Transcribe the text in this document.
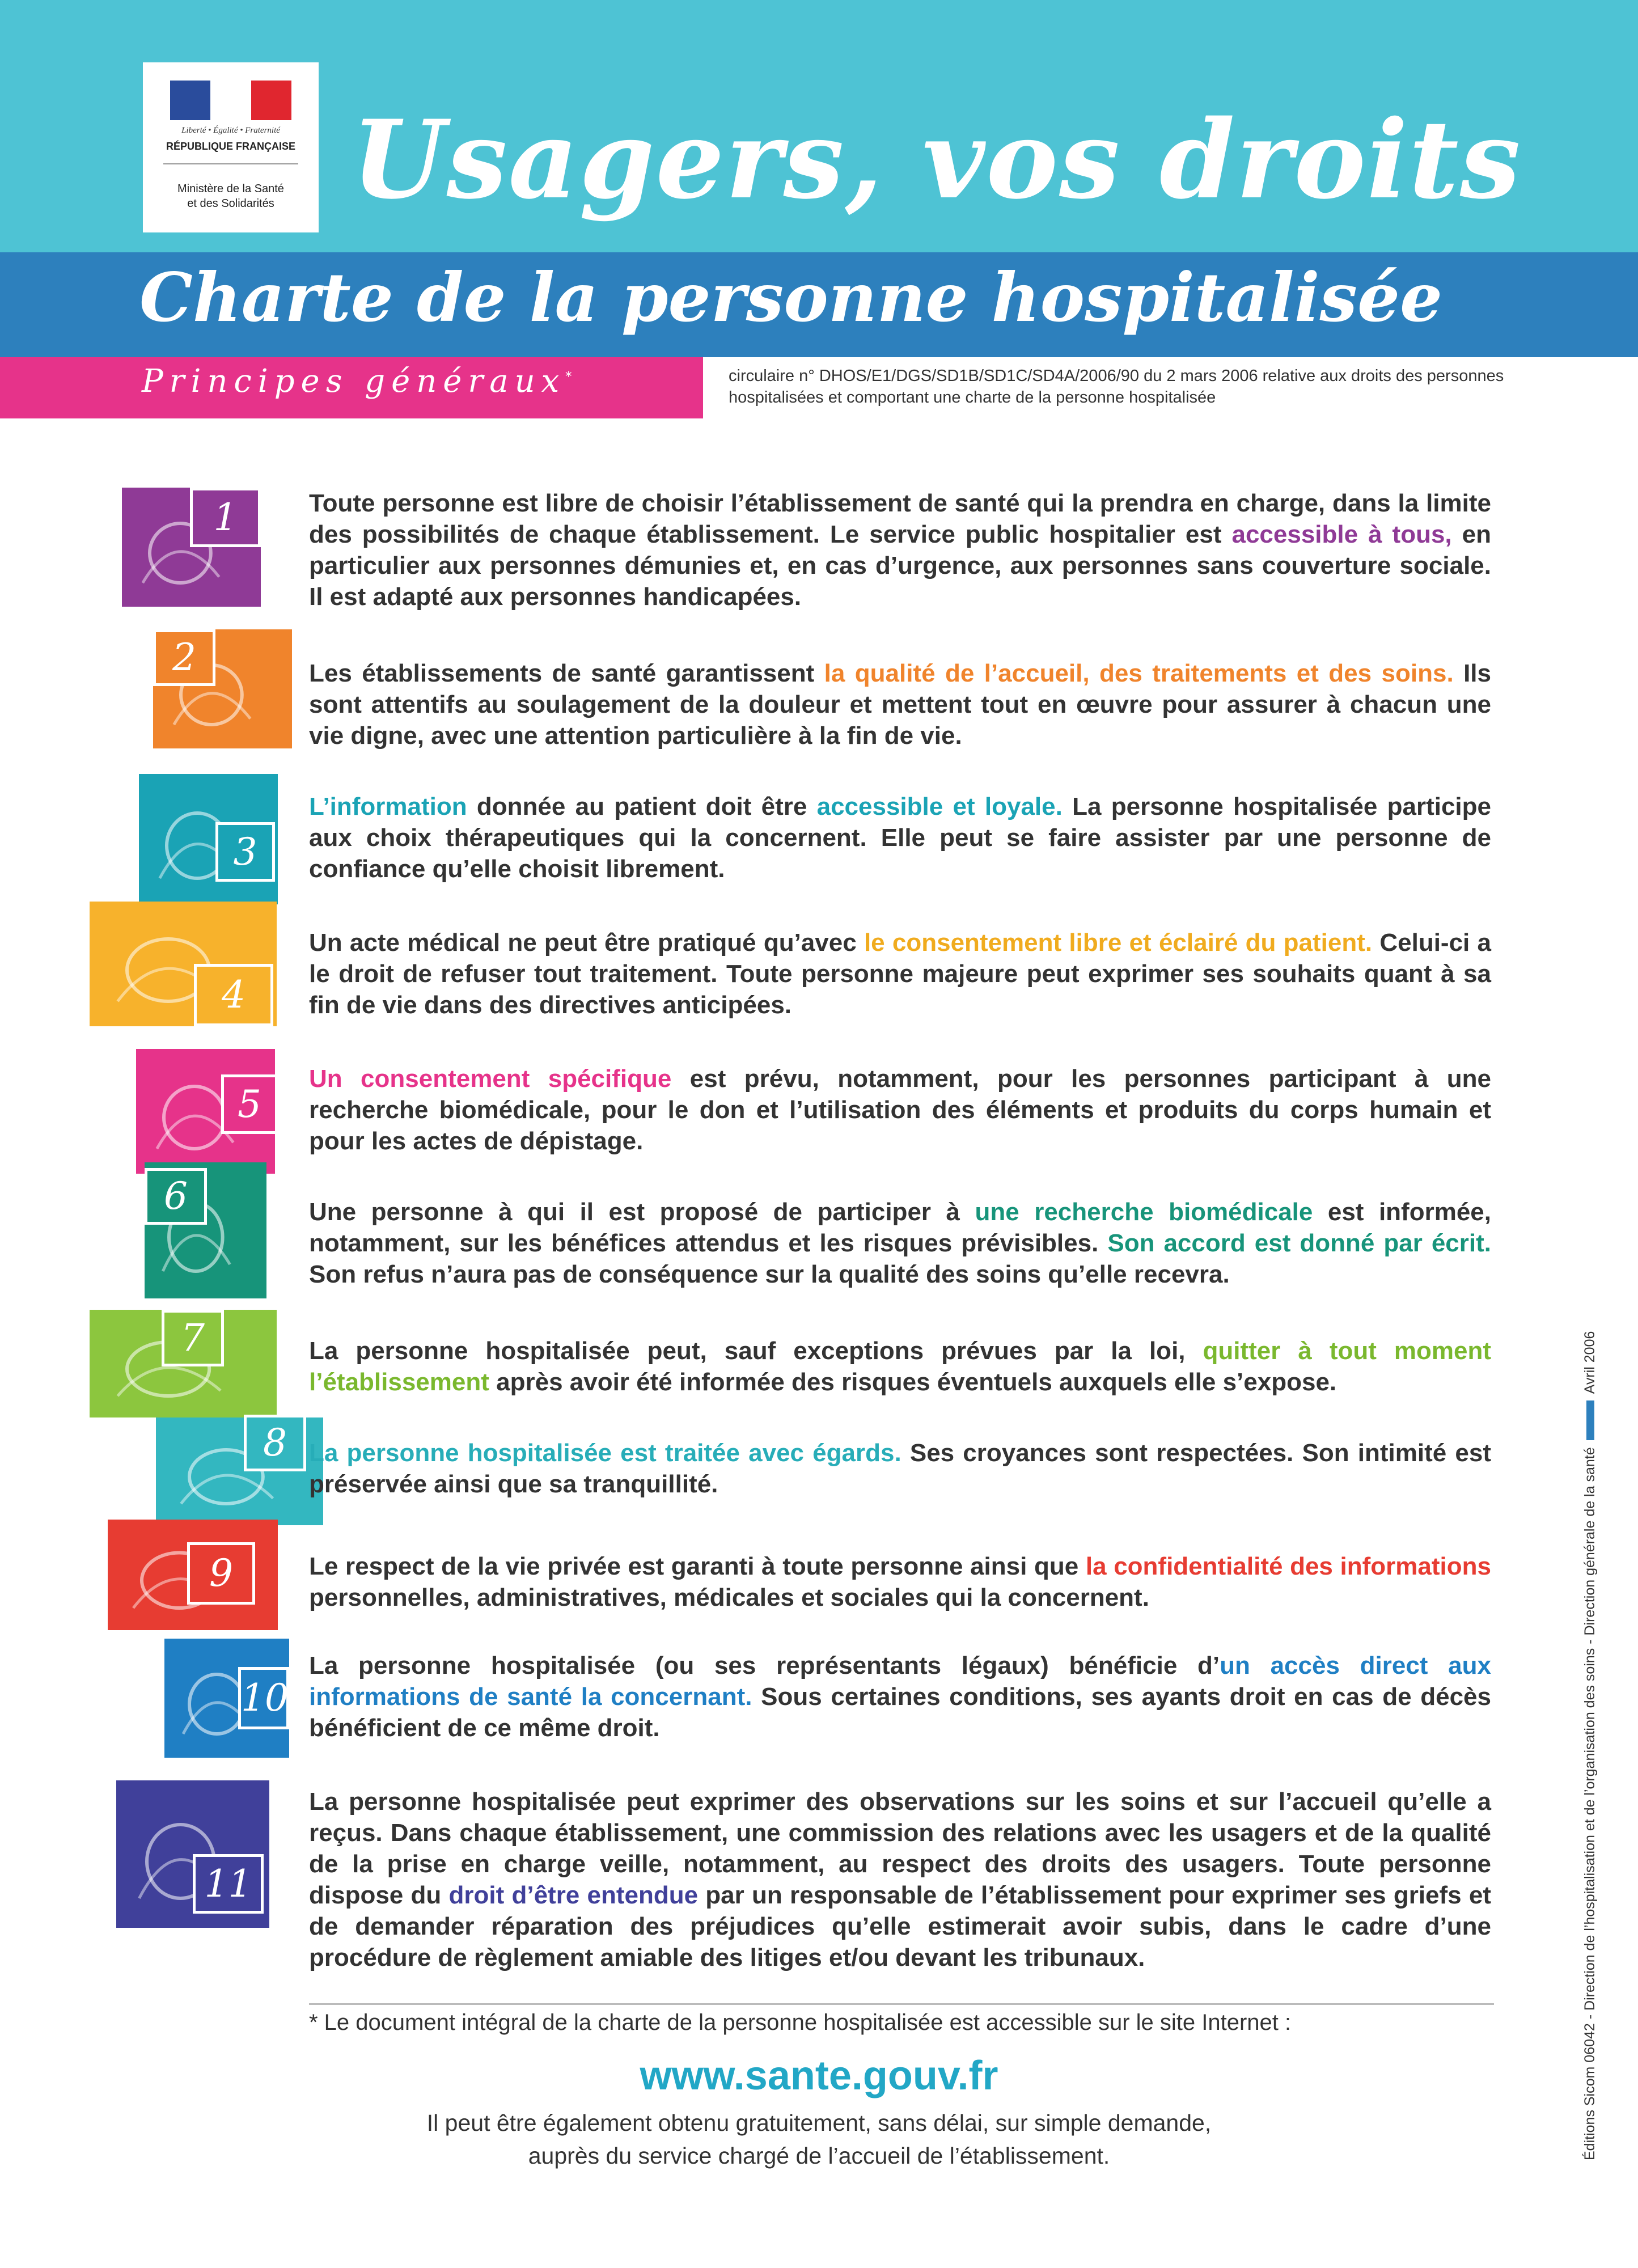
Liberté • Égalité • Fraternité
RÉPUBLIQUE FRANÇAISE
Ministère de la Santé
et des Solidarités Usagers, vos droits
Charte de la personne hospitalisée
Principes généraux*	circulaire n° DHOS/E1/DGS/SD1B/SD1C/SD4A/2006/90 du 2 mars 2006 relative aux droits des personnes hospitalisées et comportant une charte de la personne hospitalisée
1	Toute personne est libre de choisir l’établissement de santé qui la prendra en charge, dans la limite des possibilités de chaque établissement. Le service public hospitalier est accessible à tous, en particulier aux personnes démunies et, en cas d’urgence, aux personnes sans couverture sociale. Il est adapté aux personnes handicapées.
2	Les établissements de santé garantissent la qualité de l’accueil, des traitements et des soins. Ils sont attentifs au soulagement de la douleur et mettent tout en œuvre pour assurer à chacun une vie digne, avec une attention particulière à la fin de vie.
3
L’information donnée au patient doit être accessible et loyale. La personne hospitalisée participe aux choix thérapeutiques qui la concernent. Elle peut se faire assister par une personne de confiance qu’elle choisit librement.
4
Un acte médical ne peut être pratiqué qu’avec le consentement libre et éclairé du patient. Celui-ci a le droit de refuser tout traitement. Toute personne majeure peut exprimer ses souhaits quant à sa fin de vie dans des directives anticipées.
5
Un consentement spécifique est prévu, notamment, pour les personnes participant à une recherche biomédicale, pour le don et l’utilisation des éléments et produits du corps humain et pour les actes de dépistage.
6	Une personne à qui il est proposé de participer à une recherche biomédicale est informée, notamment, sur les bénéfices attendus et les risques prévisibles. Son accord est donné par écrit. Son refus n’aura pas de conséquence sur la qualité des soins qu’elle recevra.
7	La personne hospitalisée peut, sauf exceptions prévues par la loi, quitter à tout moment l’établissement après avoir été informée des risques éventuels auxquels elle s’expose.
8 La personne hospitalisée est traitée avec égards. Ses croyances sont respectées. Son intimité est préservée ainsi que sa tranquillité.
9	Le respect de la vie privée est garanti à toute personne ainsi que la confidentialité des informations personnelles, administratives, médicales et sociales qui la concernent.
10
La personne hospitalisée (ou ses représentants légaux) bénéficie d’un accès direct aux informations de santé la concernant. Sous certaines conditions, ses ayants droit en cas de décès bénéficient de ce même droit.
11
La personne hospitalisée peut exprimer des observations sur les soins et sur l’accueil qu’elle a reçus. Dans chaque établissement, une commission des relations avec les usagers et de la qualité de la prise en charge veille, notamment, au respect des droits des usagers. Toute personne dispose du droit d’être entendue par un responsable de l’établissement pour exprimer ses griefs et de demander réparation des préjudices qu’elle estimerait avoir subis, dans le cadre d’une procédure de règlement amiable des litiges et/ou devant les tribunaux.
* Le document intégral de la charte de la personne hospitalisée est accessible sur le site Internet :
www.sante.gouv.fr
Il peut être également obtenu gratuitement, sans délai, sur simple demande,
auprès du service chargé de l’accueil de l’établissement.	Éditions Sicom 06042 - Direction de l’hospitalisation et de l’organisation des soins - Direction générale de la santéAvril 2006
